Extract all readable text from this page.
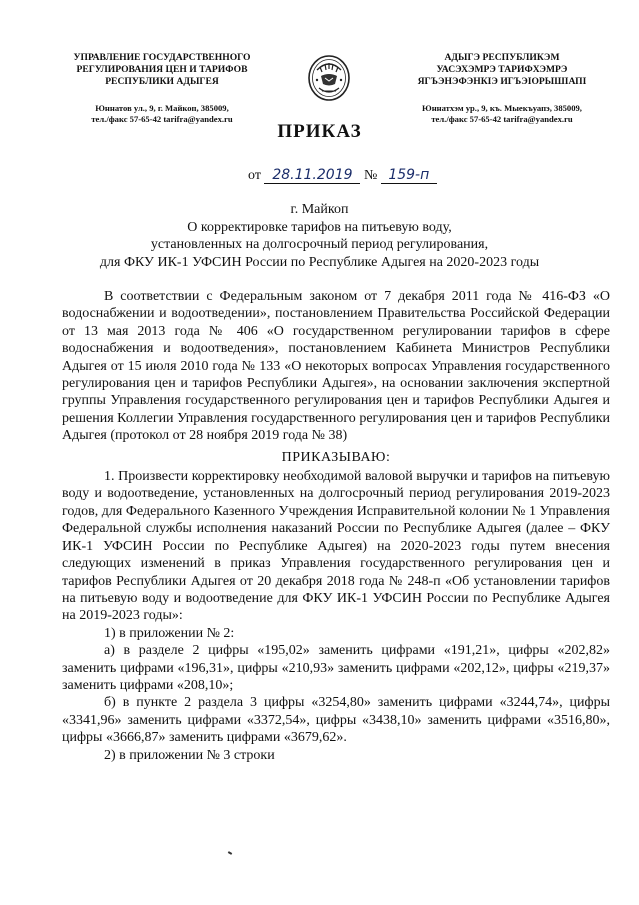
УПРАВЛЕНИЕ ГОСУДАРСТВЕННОГО
РЕГУЛИРОВАНИЯ ЦЕН И ТАРИФОВ
РЕСПУБЛИКИ АДЫГЕЯ
Юннатов ул., 9, г. Майкоп, 385009,
тел./факс 57-65-42 tarifra@yandex.ru
АДЫГЭ РЕСПУБЛИКЭМ
УАСЭХЭМРЭ ТАРИФХЭМРЭ
ЯГЪЭНЭФЭНКIЭ ИГЪЭIОРЫШIАПI
Юннатхэм ур., 9, къ. Мыекъуапэ, 385009,
тел./факс 57-65-42 tarifra@yandex.ru
ПРИКАЗ
от 28.11.2019 № 159-п
г. Майкоп
О корректировке тарифов на питьевую воду,
установленных на долгосрочный период регулирования,
для ФКУ ИК-1 УФСИН России по Республике Адыгея на 2020-2023 годы

В соответствии с Федеральным законом от 7 декабря 2011 года № 416-ФЗ «О водоснабжении и водоотведении», постановлением Правительства Российской Федерации от 13 мая 2013 года № 406 «О государственном регулировании тарифов в сфере водоснабжения и водоотведения», постановлением Кабинета Министров Республики Адыгея от 15 июля 2010 года № 133 «О некоторых вопросах Управления государственного регулирования цен и тарифов Республики Адыгея», на основании заключения экспертной группы Управления государственного регулирования цен и тарифов Республики Адыгея и решения Коллегии Управления государственного регулирования цен и тарифов Республики Адыгея (протокол от 28 ноября 2019 года № 38)

ПРИКАЗЫВАЮ:

1. Произвести корректировку необходимой валовой выручки и тарифов на питьевую воду и водоотведение, установленных на долгосрочный период регулирования 2019-2023 годов, для Федерального Казенного Учреждения Исправительной колонии № 1 Управления Федеральной службы исполнения наказаний России по Республике Адыгея (далее – ФКУ ИК-1 УФСИН России по Республике Адыгея) на 2020-2023 годы путем внесения следующих изменений в приказ Управления государственного регулирования цен и тарифов Республики Адыгея от 20 декабря 2018 года № 248-п «Об установлении тарифов на питьевую воду и водоотведение для ФКУ ИК-1 УФСИН России по Республике Адыгея на 2019-2023 годы»:

1) в приложении № 2:

а) в разделе 2 цифры «195,02» заменить цифрами «191,21», цифры «202,82» заменить цифрами «196,31», цифры «210,93» заменить цифрами «202,12», цифры «219,37» заменить цифрами «208,10»;

б) в пункте 2 раздела 3 цифры «3254,80» заменить цифрами «3244,74», цифры «3341,96» заменить цифрами «3372,54», цифры «3438,10» заменить цифрами «3516,80», цифры «3666,87» заменить цифрами «3679,62».

2) в приложении № 3 строки
